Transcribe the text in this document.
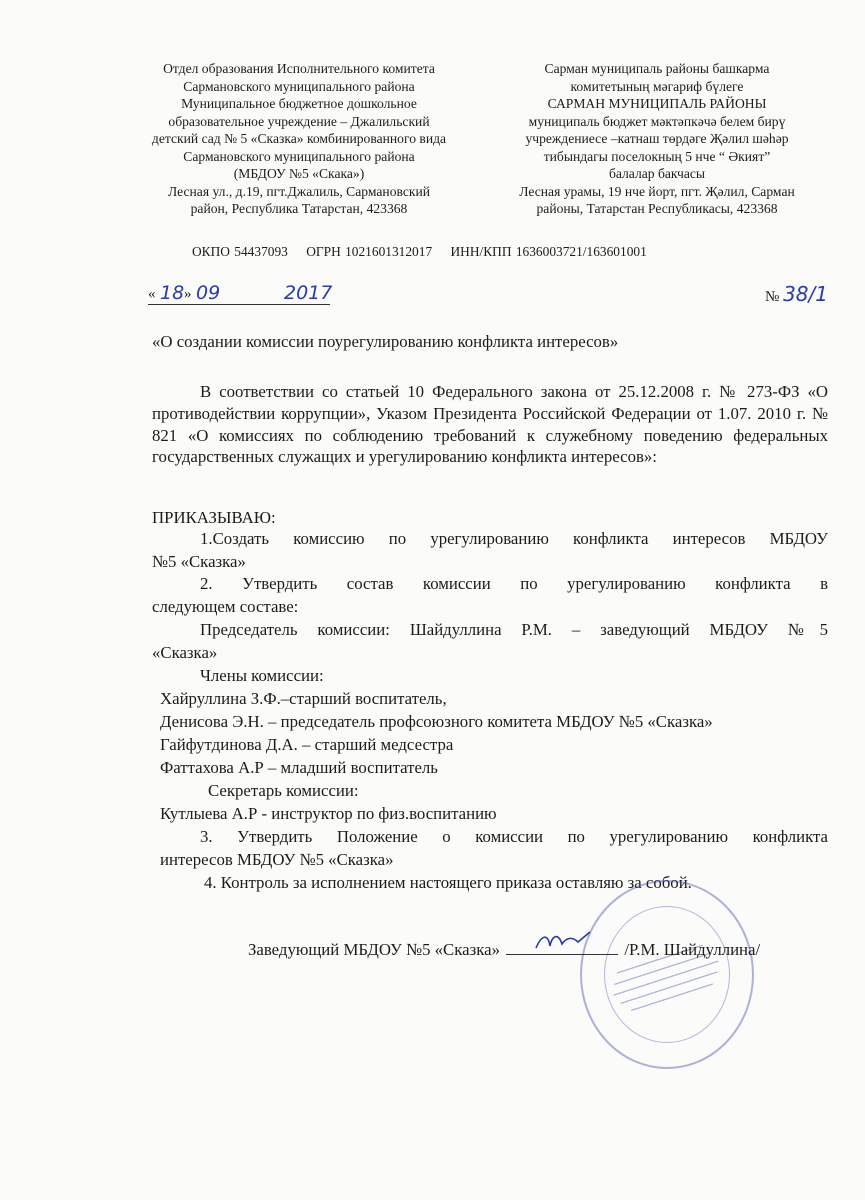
Отдел образования Исполнительного комитета
Сармановского муниципального района
Муниципальное бюджетное дошкольное
образовательное учреждение – Джалильский
детский сад № 5 «Сказка» комбинированного вида
Сармановского муниципального района
(МБДОУ №5 «Скака»)
Лесная ул., д.19, пгт.Джалиль, Сармановский
район, Республика Татарстан, 423368
Сарман муниципаль районы башкарма
комитетының мәгариф бүлеге
САРМАН МУНИЦИПАЛЬ РАЙОНЫ
муниципаль бюджет мәктәпкәчә белем бирү
учреждениесе –катнаш төрдәге Җәлил шәһәр
тибындагы поселокның 5 нче “ Әкият”
балалар бакчасы
Лесная урамы, 19 нче йорт, пгт. Җәлил, Сарман
районы, Татарстан Республикасы, 423368
ОКПО 54437093 ОГРН 1021601312017 ИНН/КПП 1636003721/163601001
« 18 » 09	2017	№ 38/1
«О создании комиссии поурегулированию конфликта интересов»
В соответствии со статьей 10 Федерального закона от 25.12.2008 г. № 273-ФЗ «О противодействии коррупции», Указом Президента Российской Федерации от 1.07. 2010 г. № 821 «О комиссиях по соблюдению требований к служебному поведению федеральных государственных служащих и урегулированию конфликта интересов»:
ПРИКАЗЫВАЮ:
1.Создать комиссию по урегулированию конфликта интересов МБДОУ
№5 «Сказка»
2. Утвердить состав комиссии по урегулированию конфликта в
следующем составе:
Председатель комиссии: Шайдуллина Р.М. – заведующий МБДОУ №5
«Сказка»
Члены комиссии:
Хайруллина З.Ф.–старший воспитатель,
Денисова Э.Н. – председатель профсоюзного комитета МБДОУ №5 «Сказка»
Гайфутдинова Д.А. – старший медсестра
Фаттахова А.Р – младший воспитатель
Секретарь комиссии:
Кутлыева А.Р - инструктор по физ.воспитанию
3. Утвердить Положение о комиссии по урегулированию конфликта
интересов МБДОУ №5 «Сказка»
4. Контроль за исполнением настоящего приказа оставляю за собой.
Заведующий МБДОУ №5 «Сказка»	/Р.М. Шайдуллина/
